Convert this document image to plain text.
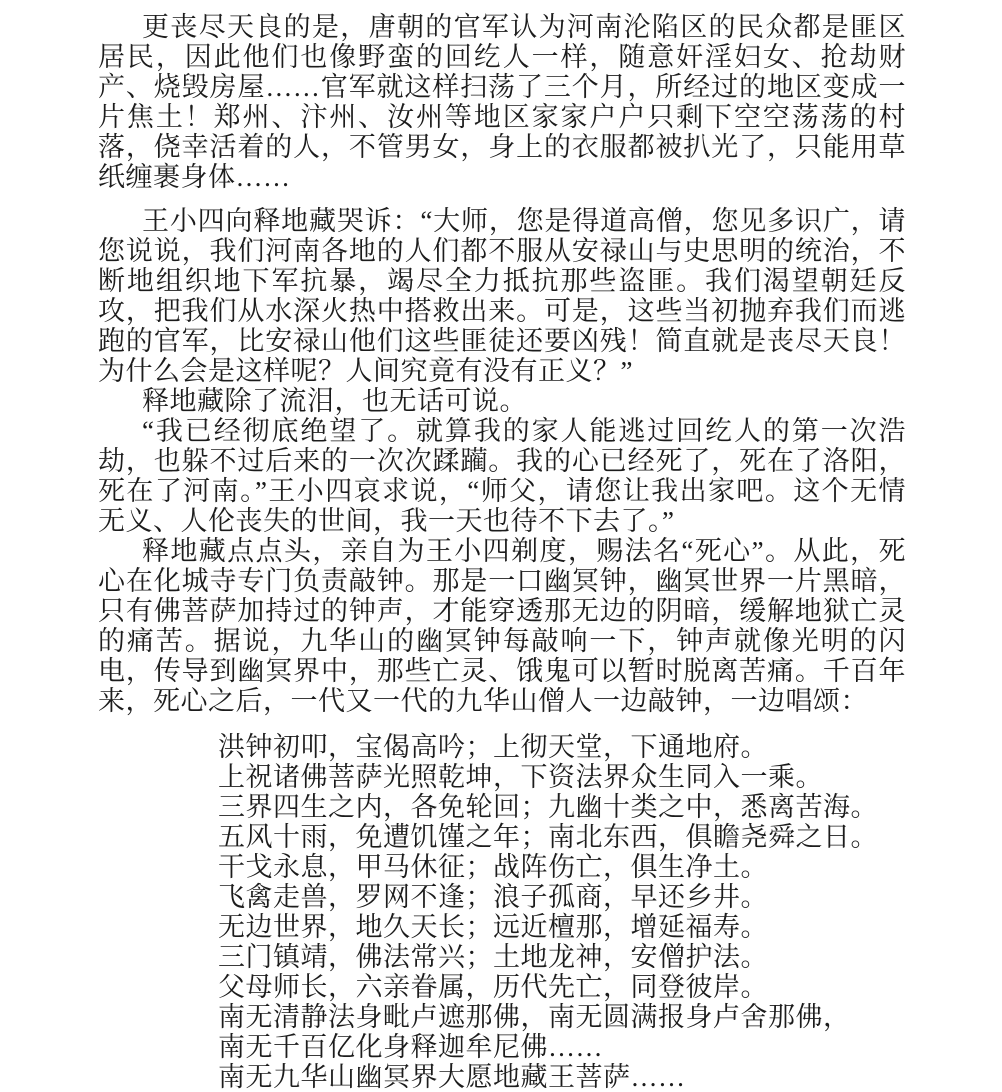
更丧尽天良的是，唐朝的官军认为河南沦陷区的民众都是匪区居民，因此他们也像野蛮的回纥人一样，随意奸淫妇女、抢劫财产、烧毁房屋……官军就这样扫荡了三个月，所经过的地区变成一片焦土！郑州、汴州、汝州等地区家家户户只剩下空空荡荡的村落，侥幸活着的人，不管男女，身上的衣服都被扒光了，只能用草纸缠裹身体……

王小四向释地藏哭诉：“大师，您是得道高僧，您见多识广，请您说说，我们河南各地的人们都不服从安禄山与史思明的统治，不断地组织地下军抗暴，竭尽全力抵抗那些盗匪。我们渴望朝廷反攻，把我们从水深火热中搭救出来。可是，这些当初抛弃我们而逃跑的官军，比安禄山他们这些匪徒还要凶残！简直就是丧尽天良！为什么会是这样呢？人间究竟有没有正义？”

释地藏除了流泪，也无话可说。

“我已经彻底绝望了。就算我的家人能逃过回纥人的第一次浩劫，也躲不过后来的一次次蹂躏。我的心已经死了，死在了洛阳，死在了河南。”王小四哀求说，“师父，请您让我出家吧。这个无情无义、人伦丧失的世间，我一天也待不下去了。”

释地藏点点头，亲自为王小四剃度，赐法名“死心”。从此，死心在化城寺专门负责敲钟。那是一口幽冥钟，幽冥世界一片黑暗，只有佛菩萨加持过的钟声，才能穿透那无边的阴暗，缓解地狱亡灵的痛苦。据说，九华山的幽冥钟每敲响一下，钟声就像光明的闪电，传导到幽冥界中，那些亡灵、饿鬼可以暂时脱离苦痛。千百年来，死心之后，一代又一代的九华山僧人一边敲钟，一边唱颂：

洪钟初叩，宝偈高吟；上彻天堂，下通地府。
上祝诸佛菩萨光照乾坤，下资法界众生同入一乘。
三界四生之内，各免轮回；九幽十类之中，悉离苦海。
五风十雨，免遭饥馑之年；南北东西，俱瞻尧舜之日。
干戈永息，甲马休征；战阵伤亡，俱生净土。
飞禽走兽，罗网不逢；浪子孤商，早还乡井。
无边世界，地久天长；远近檀那，增延福寿。
三门镇靖，佛法常兴；土地龙神，安僧护法。
父母师长，六亲眷属，历代先亡，同登彼岸。
南无清静法身毗卢遮那佛，南无圆满报身卢舍那佛，
南无千百亿化身释迦牟尼佛……
南无九华山幽冥界大愿地藏王菩萨……
